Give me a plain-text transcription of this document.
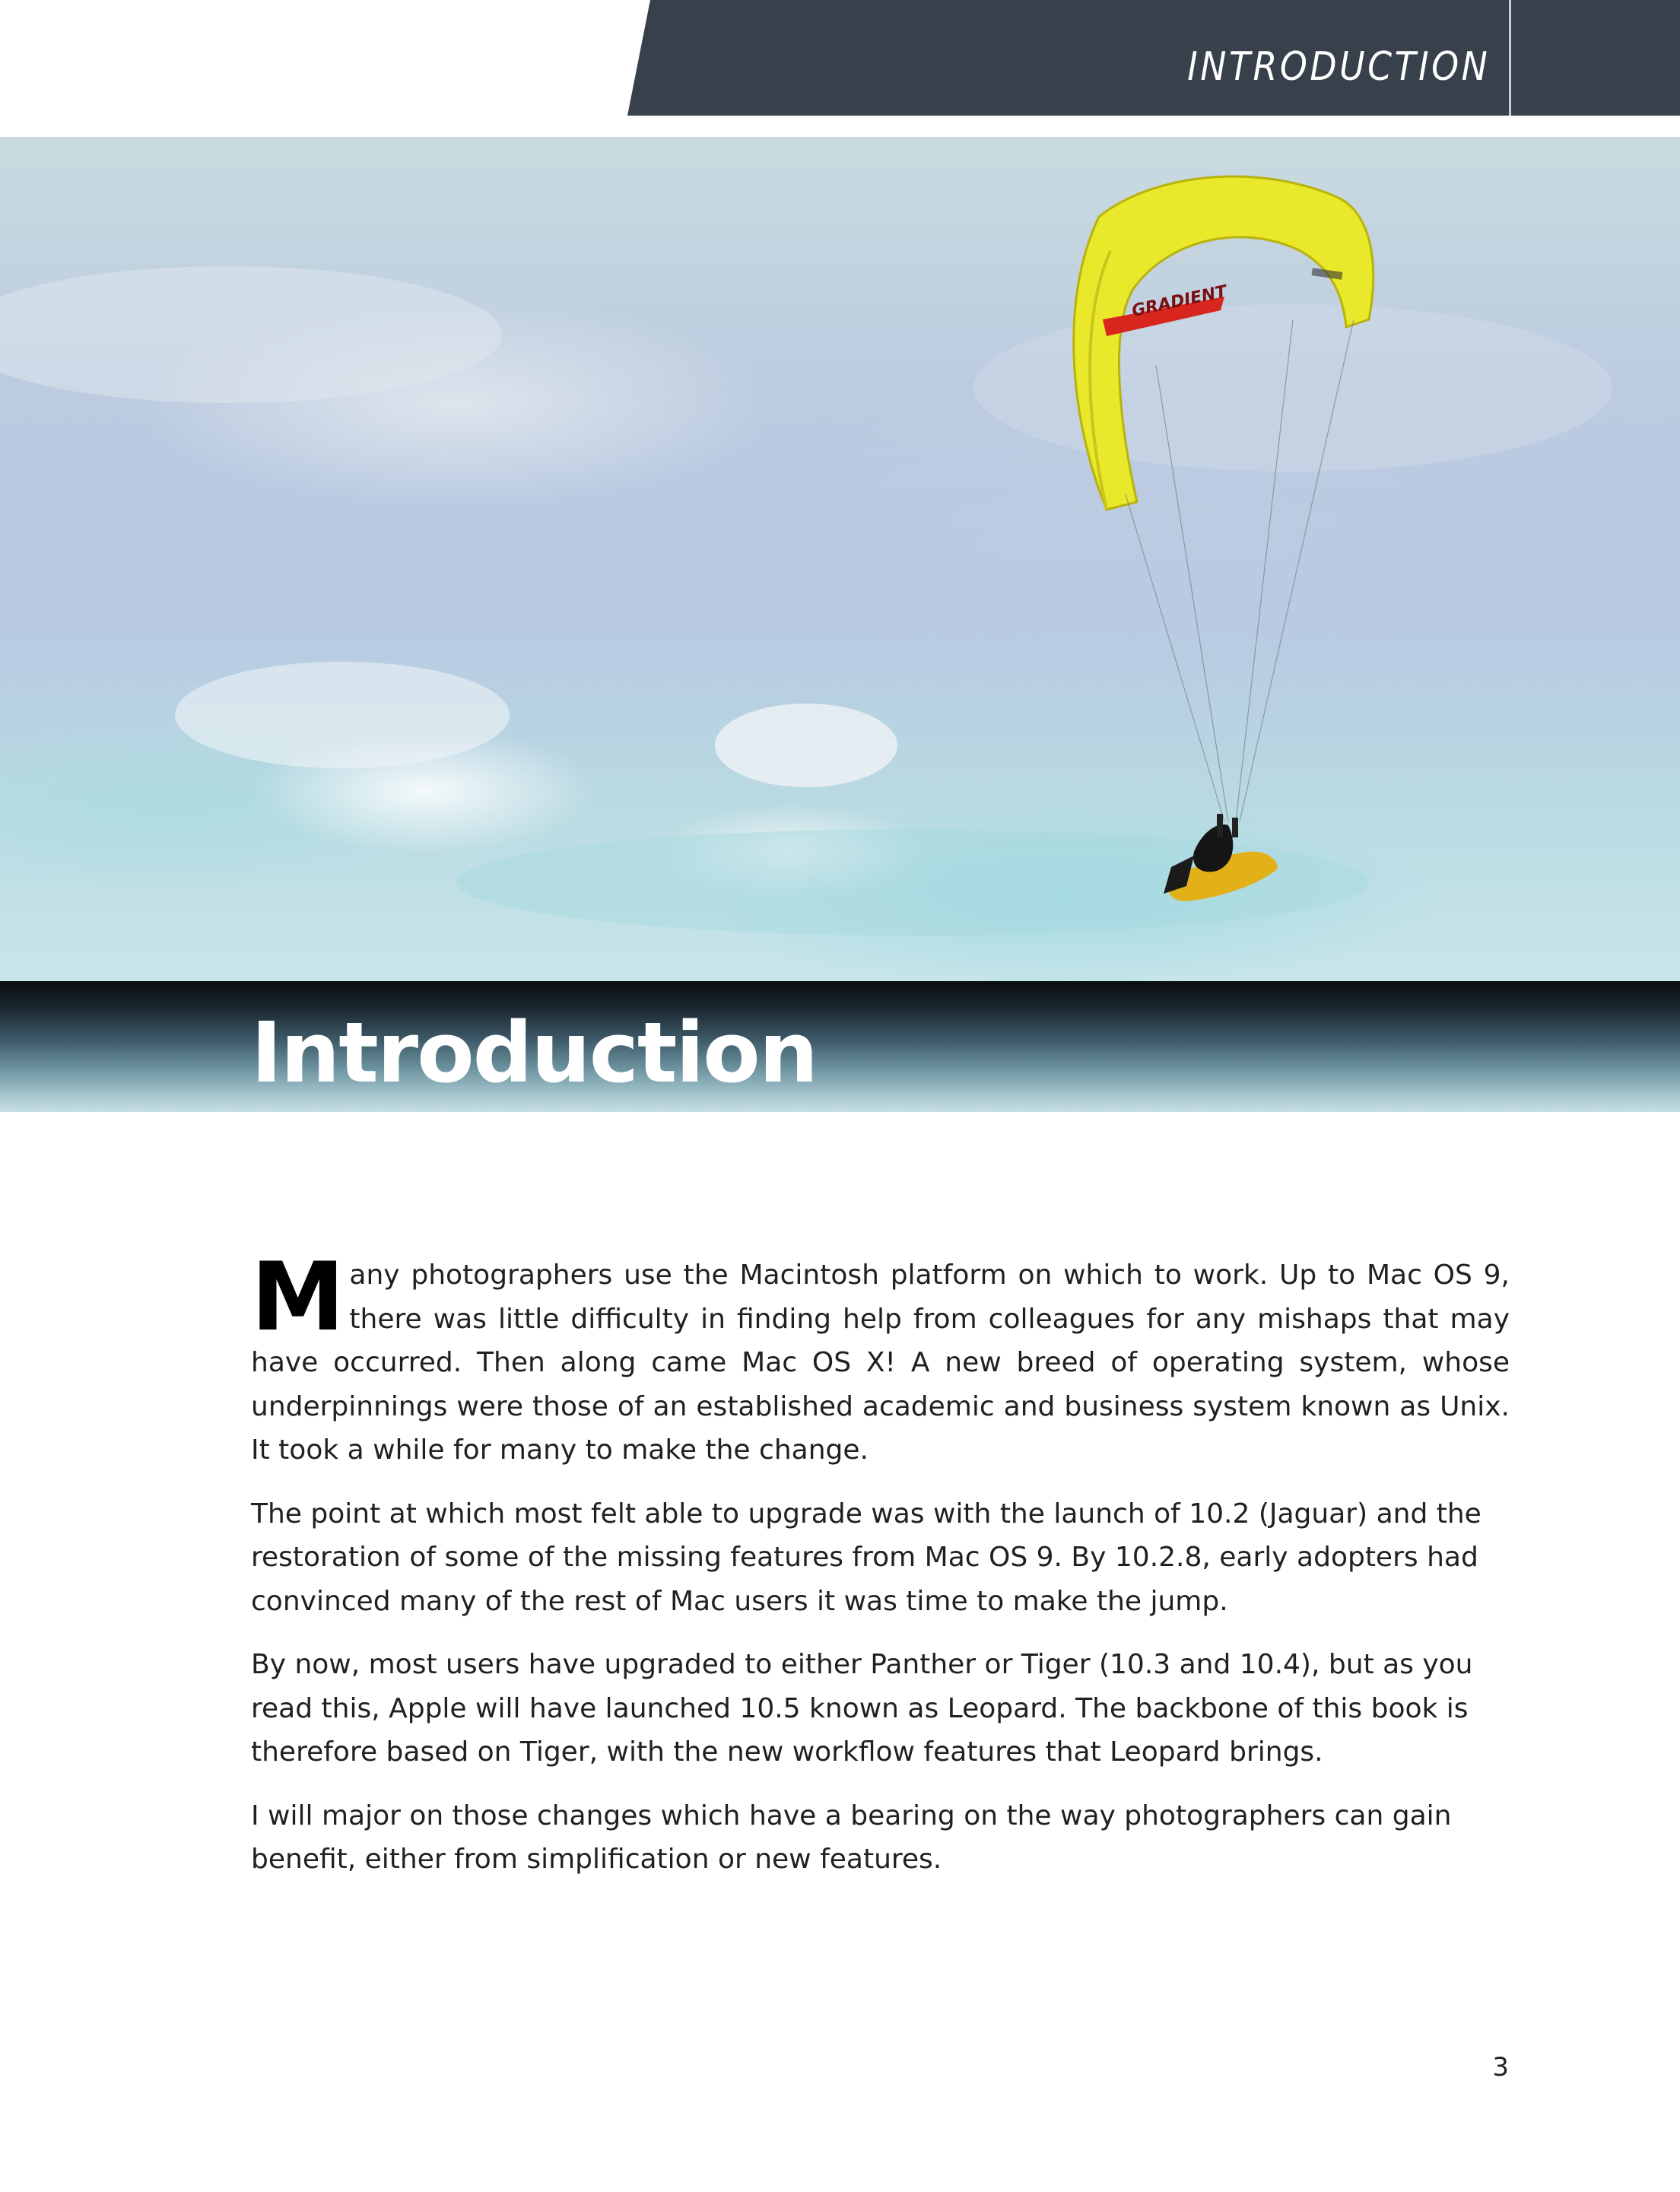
INTRODUCTION
GRADIENT
Introduction

Many photographers use the Macintosh platform on which to work. Up to Mac OS 9, there was little difficulty in finding help from colleagues for any mishaps that may have occurred. Then along came Mac OS X! A new breed of operating system, whose underpinnings were those of an established academic and business system known as Unix. It took a while for many to make the change.

The point at which most felt able to upgrade was with the launch of 10.2 (Jaguar) and the restoration of some of the missing features from Mac OS 9. By 10.2.8, early adopters had convinced many of the rest of Mac users it was time to make the jump.

By now, most users have upgraded to either Panther or Tiger (10.3 and 10.4), but as you read this, Apple will have launched 10.5 known as Leopard. The backbone of this book is therefore based on Tiger, with the new workflow features that Leopard brings.

I will major on those changes which have a bearing on the way photographers can gain benefit, either from simplification or new features.

3
